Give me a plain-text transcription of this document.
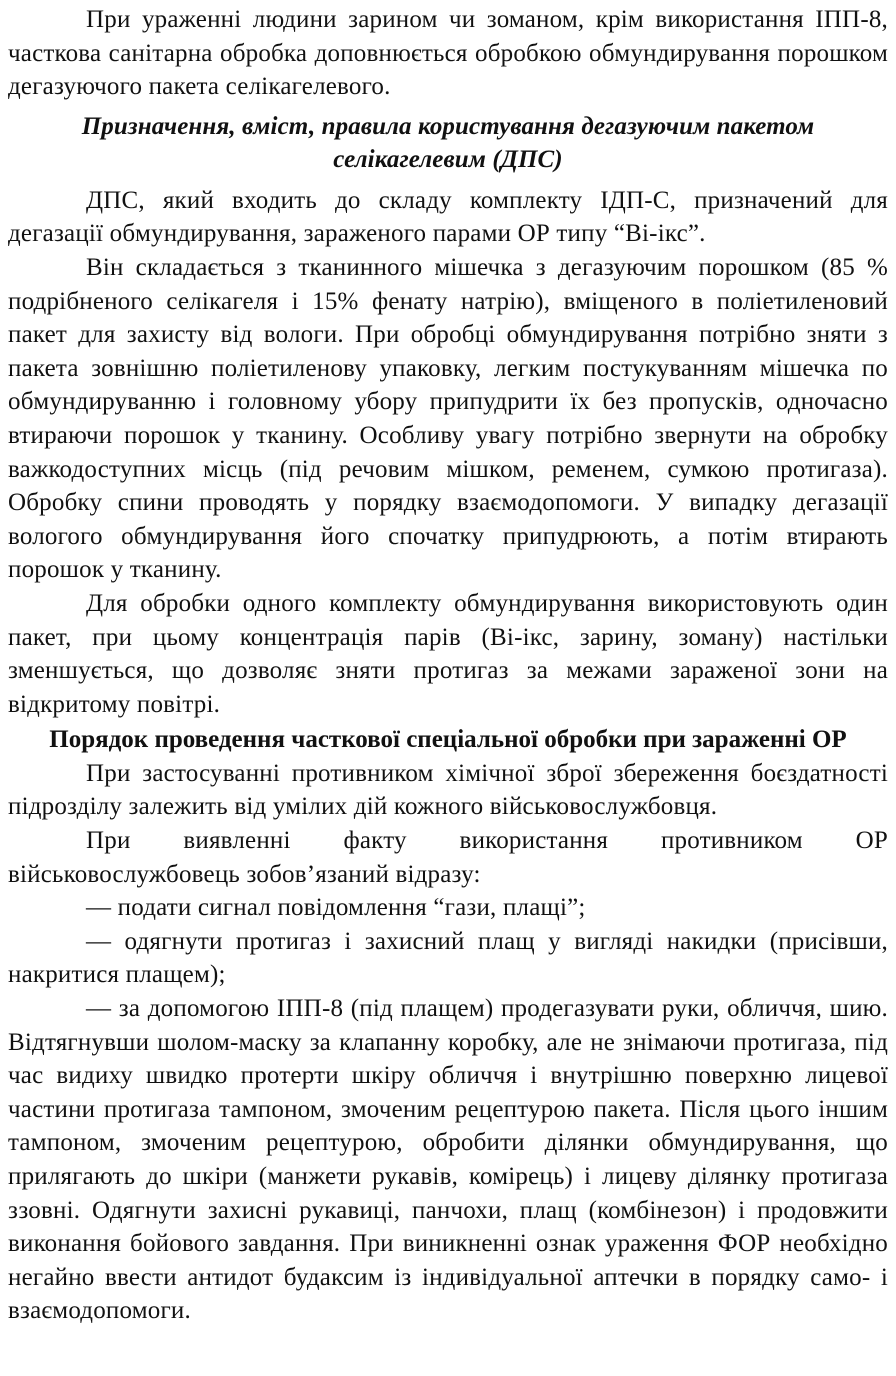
При ураженні людини зарином чи зоманом, крім використання ІПП-8, часткова санітарна обробка доповнюється обробкою обмундирування порошком дегазуючого пакета селікагелевого.

Призначення, вміст, правила користування дегазуючим пакетом селікагелевим (ДПС)

ДПС, який входить до складу комплекту ІДП-С, призначений для дегазації обмундирування, зараженого парами ОР типу “Ві-ікс”.

Він складається з тканинного мішечка з дегазуючим порошком (85 % подрібненого селікагеля і 15% фенату натрію), вміщеного в поліетиленовий пакет для захисту від вологи. При обробці обмундирування потрібно зняти з пакета зовнішню поліетиленову упаковку, легким постукуванням мішечка по обмундируванню і головному убору припудрити їх без пропусків, одночасно втираючи порошок у тканину. Особливу увагу потрібно звернути на обробку важкодоступних місць (під речовим мішком, ременем, сумкою протигаза). Обробку спини проводять у порядку взаємодопомоги. У випадку дегазації вологого обмундирування його спочатку припудрюють, а потім втирають порошок у тканину.

Для обробки одного комплекту обмундирування використовують один пакет, при цьому концентрація парів (Ві-ікс, зарину, зоману) настільки зменшується, що дозволяє зняти протигаз за межами зараженої зони на відкритому повітрі.

Порядок проведення часткової спеціальної обробки при зараженні ОР

При застосуванні противником хімічної зброї збереження боєздатності підрозділу залежить від умілих дій кожного військовослужбовця.

При виявленні факту використання противником ОР військовослужбовець зобов’язаний відразу:

— подати сигнал повідомлення “гази, плащі”;

— одягнути протигаз і захисний плащ у вигляді накидки (присівши, накритися плащем);

— за допомогою ІПП-8 (під плащем) продегазувати руки, обличчя, шию. Відтягнувши шолом-маску за клапанну коробку, але не знімаючи протигаза, під час видиху швидко протерти шкіру обличчя і внутрішню поверхню лицевої частини протигаза тампоном, змоченим рецептурою пакета. Після цього іншим тампоном, змоченим рецептурою, обробити ділянки обмундирування, що прилягають до шкіри (манжети рукавів, комірець) і лицеву ділянку протигаза ззовні. Одягнути захисні рукавиці, панчохи, плащ (комбінезон) і продовжити виконання бойового завдання. При виникненні ознак ураження ФОР необхідно негайно ввести антидот будаксим із індивідуальної аптечки в порядку само- і взаємодопомоги.
